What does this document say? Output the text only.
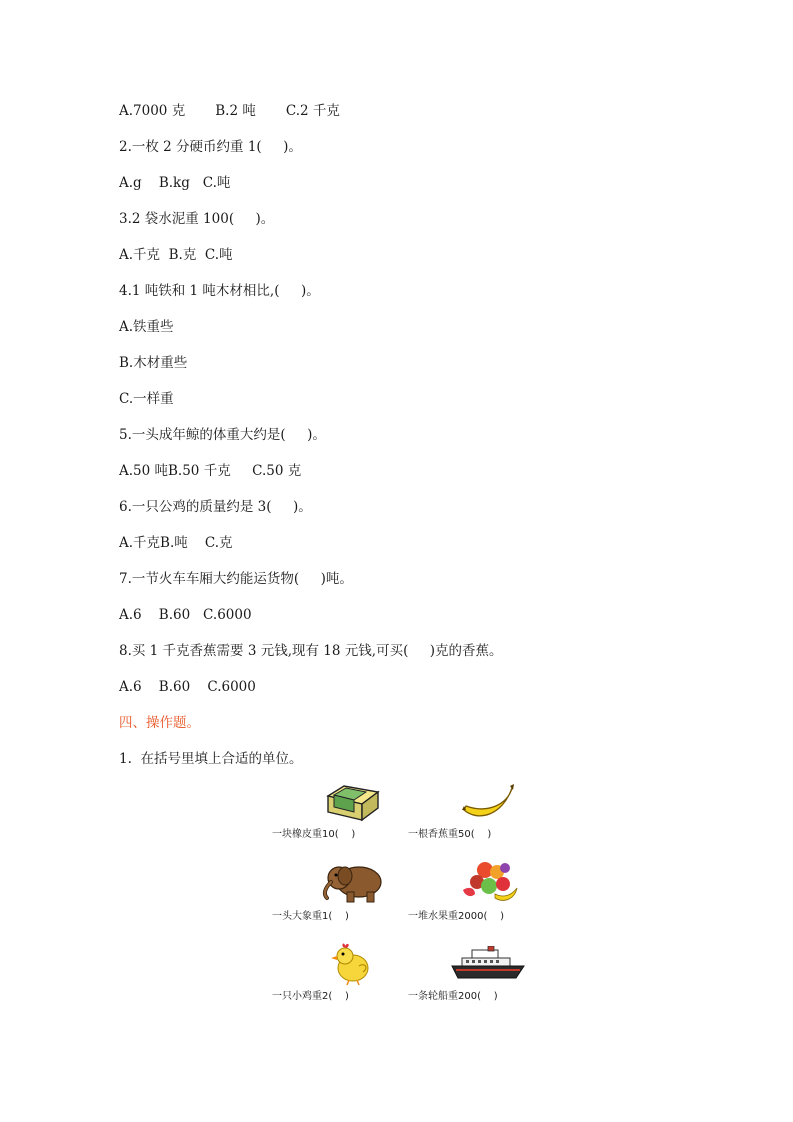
A.7000 克       B.2 吨       C.2 千克
2.一枚 2 分硬币约重 1(     )。
A.g    B.kg   C.吨
3.2 袋水泥重 100(     )。
A.千克  B.克  C.吨
4.1 吨铁和 1 吨木材相比,(     )。
A.铁重些
B.木材重些
C.一样重
5.一头成年鲸的体重大约是(     )。
A.50 吨B.50 千克     C.50 克
6.一只公鸡的质量约是 3(     )。
A.千克B.吨    C.克
7.一节火车车厢大约能运货物(     )吨。
A.6    B.60   C.6000
8.买 1 千克香蕉需要 3 元钱,现有 18 元钱,可买(     )克的香蕉。
A.6    B.60    C.6000
四、操作题。
1.  在括号里填上合适的单位。
一块橡皮重10(    )	一根香蕉重50(    )
一头大象重1(    )	一堆水果重2000(    )
一只小鸡重2(    )	一条轮船重200(    )
